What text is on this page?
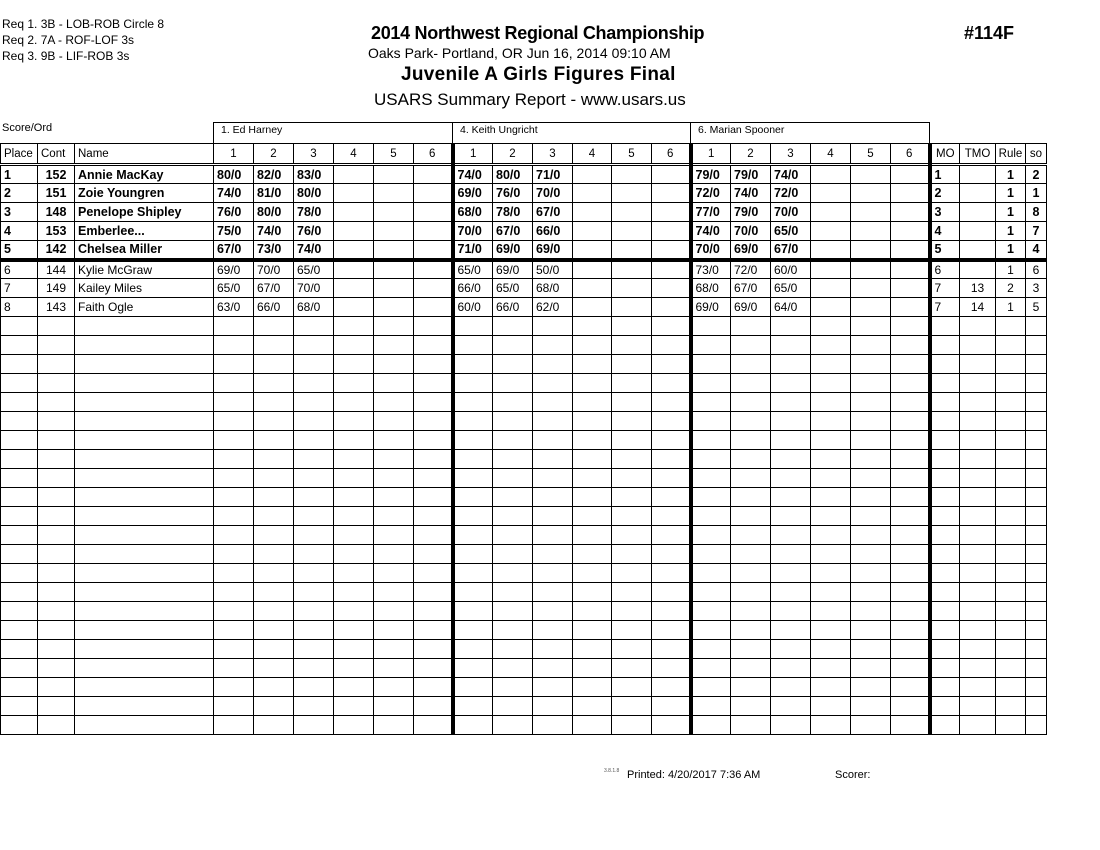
Req 1. 3B - LOB-ROB Circle 8
Req 2. 7A - ROF-LOF 3s
Req 3. 9B - LIF-ROB 3s
2014 Northwest Regional Championship
Oaks Park- Portland, OR Jun 16, 2014 09:10 AM
Juvenile A Girls Figures Final
USARS Summary Report - www.usars.us
#114F
Score/Ord	1. Ed Harney	4. Keith Ungricht	6. Marian Spooner
Place	Cont	Name	1	2	3	4	5	6	1	2	3	4	5	6	1	2	3	4	5	6	MO	TMO	Rule	so
1	152	Annie MacKay	80/0	82/0	83/0				74/0	80/0	71/0				79/0	79/0	74/0				1		1	2
2	151	Zoie Youngren	74/0	81/0	80/0				69/0	76/0	70/0				72/0	74/0	72/0				2		1	1
3	148	Penelope Shipley	76/0	80/0	78/0				68/0	78/0	67/0				77/0	79/0	70/0				3		1	8
4	153	Emberlee...	75/0	74/0	76/0				70/0	67/0	66/0				74/0	70/0	65/0				4		1	7
5	142	Chelsea Miller	67/0	73/0	74/0				71/0	69/0	69/0				70/0	69/0	67/0				5		1	4
6	144	Kylie McGraw	69/0	70/0	65/0				65/0	69/0	50/0				73/0	72/0	60/0				6		1	6
7	149	Kailey Miles	65/0	67/0	70/0				66/0	65/0	68/0				68/0	67/0	65/0				7	13	2	3
8	143	Faith Ogle	63/0	66/0	68/0				60/0	66/0	62/0				69/0	69/0	64/0				7	14	1	5

3.8.1.8 Printed: 4/20/2017 7:36 AM	Scorer:
